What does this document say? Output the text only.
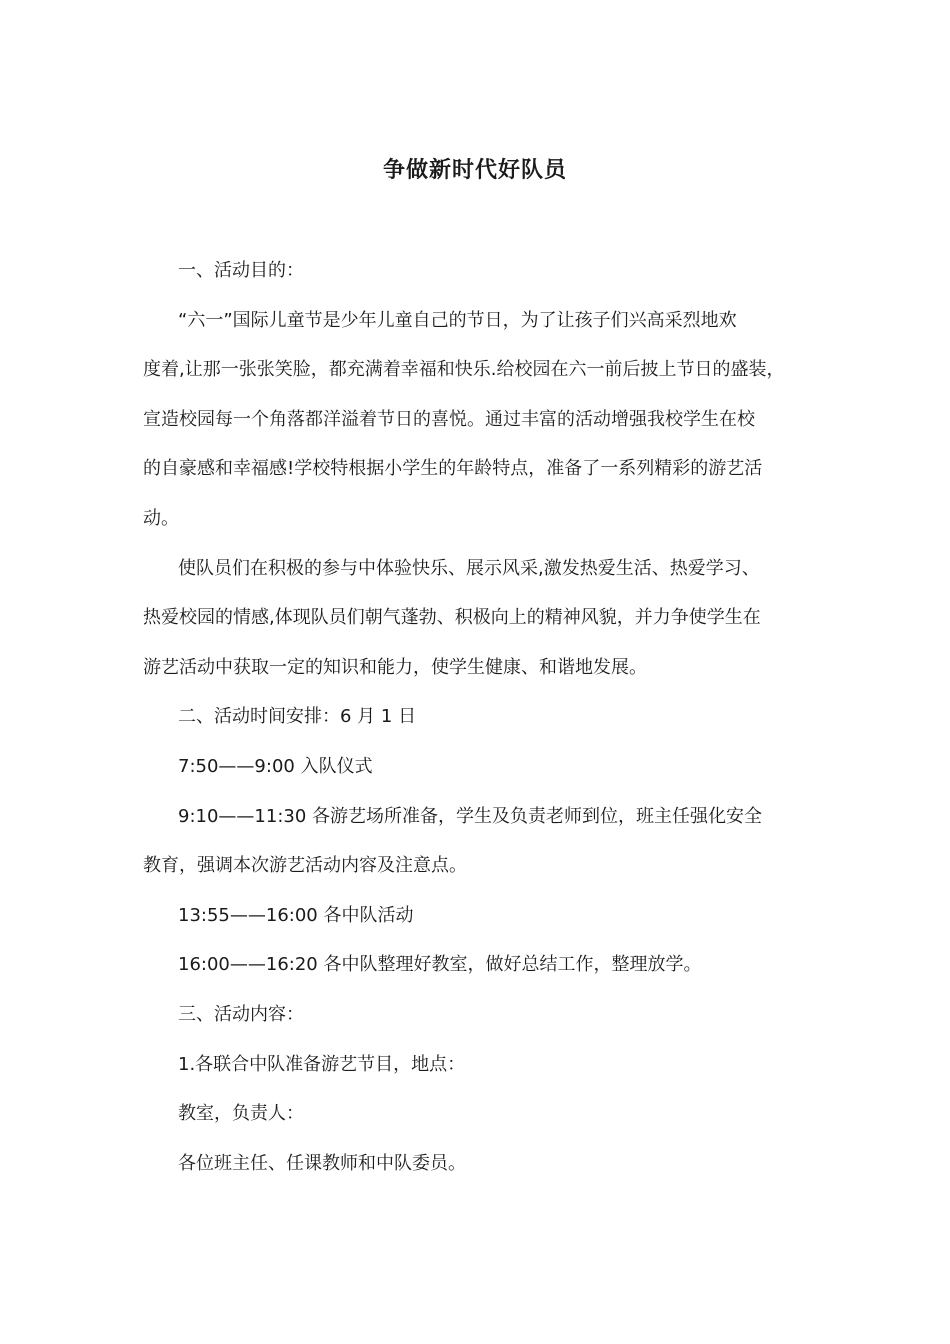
争做新时代好队员

一、活动目的：

“六一”国际儿童节是少年儿童自己的节日，为了让孩子们兴高采烈地欢
度着,让那一张张笑脸，都充满着幸福和快乐.给校园在六一前后披上节日的盛装，
宣造校园每一个角落都洋溢着节日的喜悦。通过丰富的活动增强我校学生在校
的自豪感和幸福感!学校特根据小学生的年龄特点，准备了一系列精彩的游艺活
动。

使队员们在积极的参与中体验快乐、展示风采,激发热爱生活、热爱学习、
热爱校园的情感,体现队员们朝气蓬勃、积极向上的精神风貌，并力争使学生在
游艺活动中获取一定的知识和能力，使学生健康、和谐地发展。

二、活动时间安排：6 月 1 日

7:50——9:00 入队仪式

9:10——11:30 各游艺场所准备，学生及负责老师到位，班主任强化安全
教育，强调本次游艺活动内容及注意点。

13:55——16:00 各中队活动

16:00——16:20 各中队整理好教室，做好总结工作，整理放学。

三、活动内容：

1.各联合中队准备游艺节目，地点：

教室，负责人：

各位班主任、任课教师和中队委员。
